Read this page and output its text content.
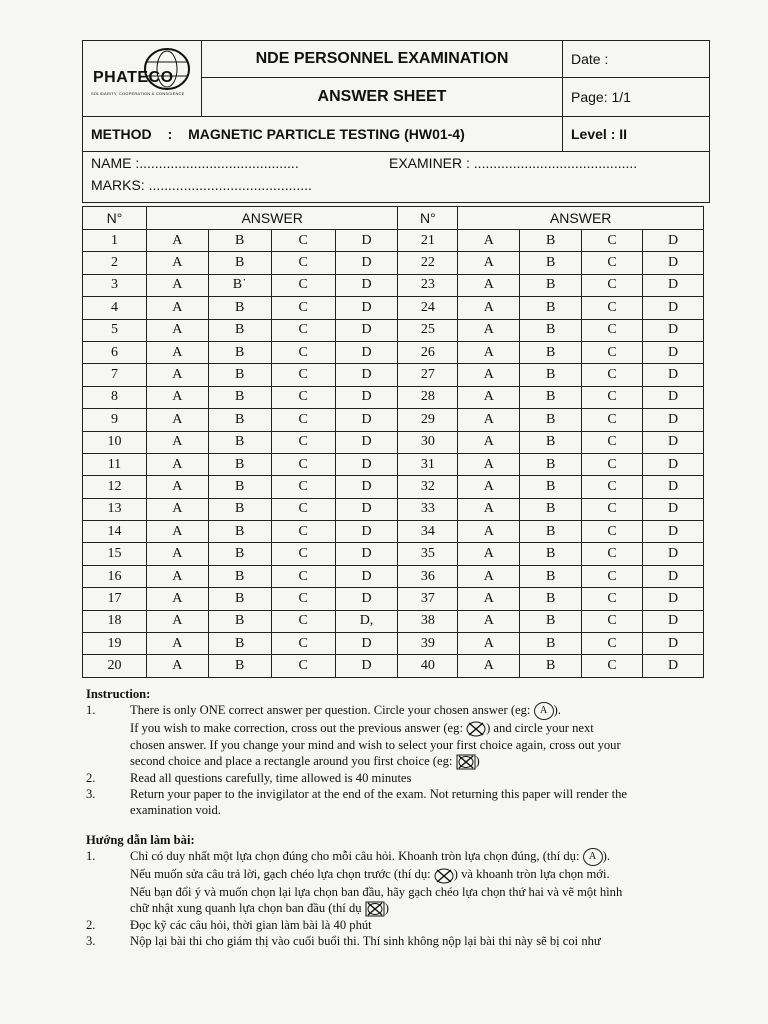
PHATECO
SOLIDARITY, COOPERATION & CONSCIENCE	NDE PERSONNEL EXAMINATION	Date :
	ANSWER SHEET	Page: 1/1
METHOD : MAGNETIC PARTICLE TESTING (HW01-4)		Level : II

NAME :......................................... EXAMINER : ..........................................
MARKS: ..........................................		
N°	ANSWER				N°	ANSWER			
1	A	B	C	D	21	A	B	C	D
2	A	B	C	D	22	A	B	C	D
3	A	B˙	C	D	23	A	B	C	D
4	A	B	C	D	24	A	B	C	D
5	A	B	C	D	25	A	B	C	D
6	A	B	C	D	26	A	B	C	D
7	A	B	C	D	27	A	B	C	D
8	A	B	C	D	28	A	B	C	D
9	A	B	C	D	29	A	B	C	D
10	A	B	C	D	30	A	B	C	D
11	A	B	C	D	31	A	B	C	D
12	A	B	C	D	32	A	B	C	D
13	A	B	C	D	33	A	B	C	D
14	A	B	C	D	34	A	B	C	D
15	A	B	C	D	35	A	B	C	D
16	A	B	C	D	36	A	B	C	D
17	A	B	C	D	37	A	B	C	D
18	A	B	C	D,	38	A	B	C	D
19	A	B	C	D	39	A	B	C	D
20	A	B	C	D	40	A	B	C	D
Instruction:
1.	There is only ONE correct answer per question. Circle your chosen answer (eg: A ).
If you wish to make correction, cross out the previous answer (eg: ) and circle your next
chosen answer. If you change your mind and wish to select your first choice again, cross out your
second choice and place a rectangle around you first choice (eg: )
2.	Read all questions carefully, time allowed is 40 minutes
3.	Return your paper to the invigilator at the end of the exam. Not returning this paper will render the
examination void.
Hướng dẫn làm bài:
1.	Chỉ có duy nhất một lựa chọn đúng cho mỗi câu hỏi. Khoanh tròn lựa chọn đúng, (thí dụ: A ).
Nếu muốn sửa câu trả lời, gạch chéo lựa chọn trước (thí dụ: ) và khoanh tròn lựa chọn mới.
Nếu bạn đổi ý và muốn chọn lại lựa chọn ban đầu, hãy gạch chéo lựa chọn thứ hai và vẽ một hình
chữ nhật xung quanh lựa chọn ban đầu (thí dụ )
2.	Đọc kỹ các câu hỏi, thời gian làm bài là 40 phút
3.	Nộp lại bài thi cho giám thị vào cuối buổi thi. Thí sinh không nộp lại bài thi này sẽ bị coi như
